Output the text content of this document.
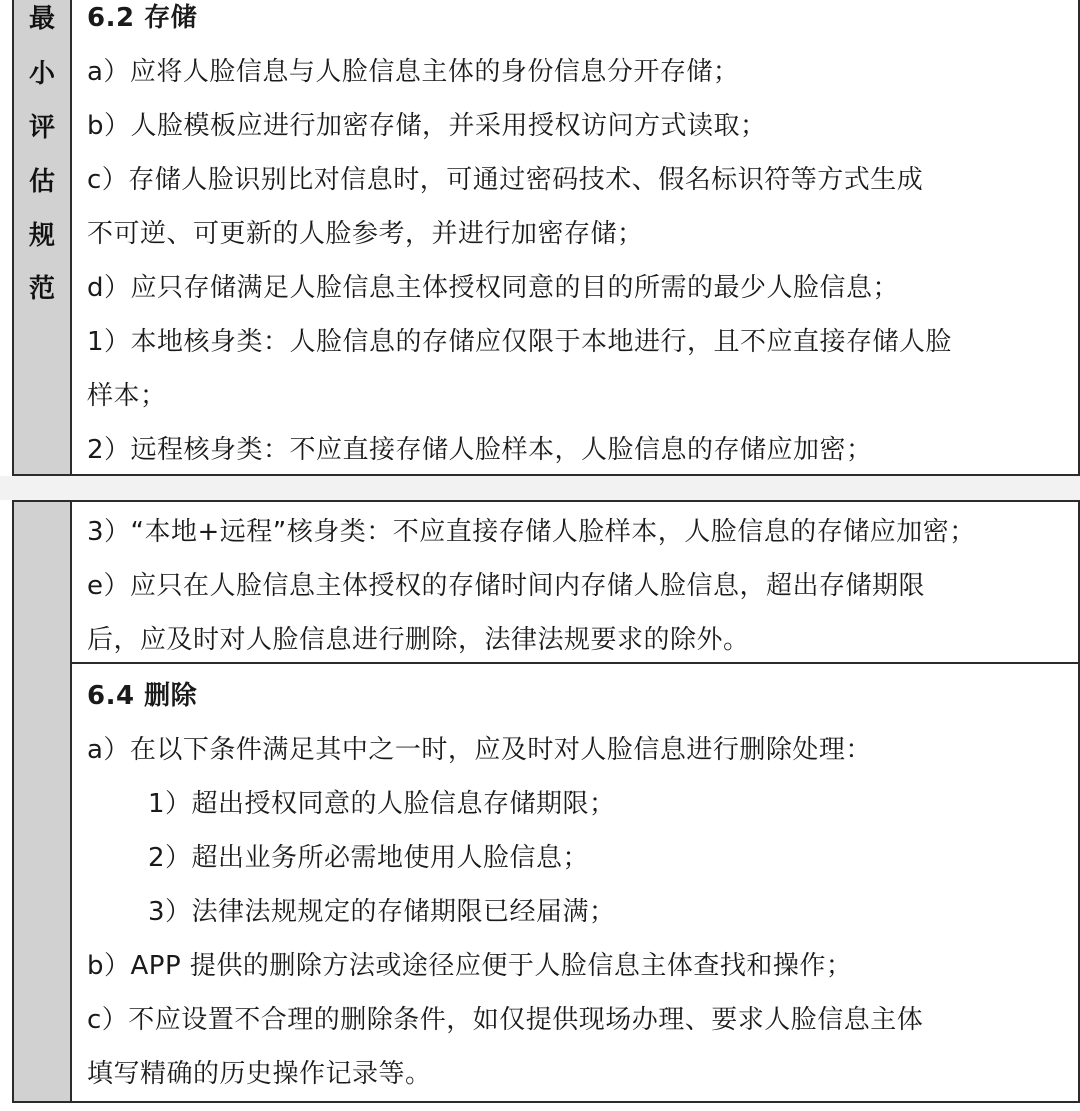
最
小
评
估
规
范
6.2 存储
a）应将人脸信息与人脸信息主体的身份信息分开存储；
b）人脸模板应进行加密存储，并采用授权访问方式读取；
c）存储人脸识别比对信息时，可通过密码技术、假名标识符等方式生成
不可逆、可更新的人脸参考，并进行加密存储；
d）应只存储满足人脸信息主体授权同意的目的所需的最少人脸信息；
1）本地核身类：人脸信息的存储应仅限于本地进行，且不应直接存储人脸
样本；
2）远程核身类：不应直接存储人脸样本，人脸信息的存储应加密；
3）“本地+远程”核身类：不应直接存储人脸样本，人脸信息的存储应加密；
e）应只在人脸信息主体授权的存储时间内存储人脸信息，超出存储期限
后，应及时对人脸信息进行删除，法律法规要求的除外。
6.4 删除
a）在以下条件满足其中之一时，应及时对人脸信息进行删除处理：
1）超出授权同意的人脸信息存储期限；
2）超出业务所必需地使用人脸信息；
3）法律法规规定的存储期限已经届满；
b）APP 提供的删除方法或途径应便于人脸信息主体查找和操作；
c）不应设置不合理的删除条件，如仅提供现场办理、要求人脸信息主体
填写精确的历史操作记录等。
